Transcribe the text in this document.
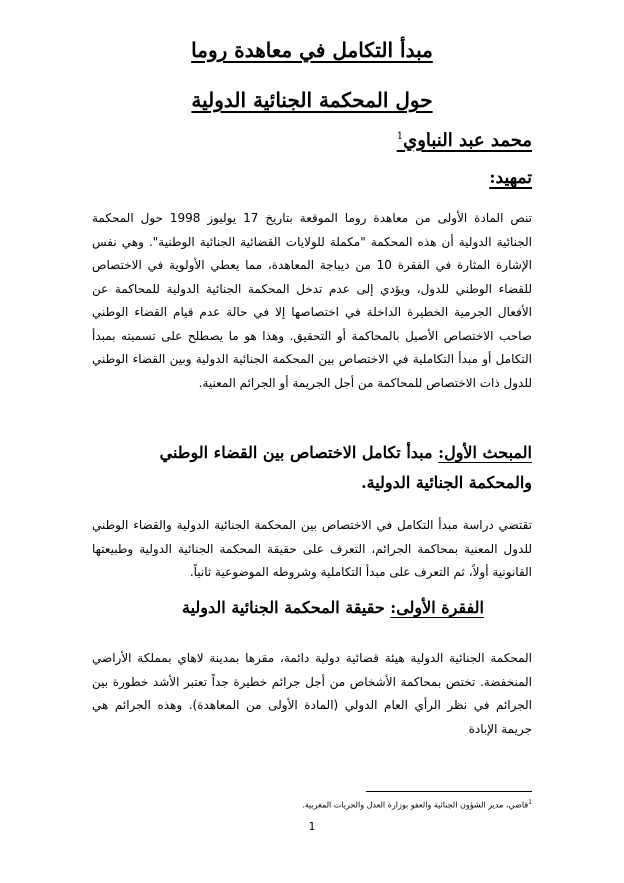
مبدأ التكامل في معاهدة روما
حول المحكمة الجنائية الدولية
محمد عبد النباوي$^1$
تمهيد:
تنص المادة الأولى من معاهدة روما الموقعة بتاريخ 17 يوليوز 1998 حول المحكمة الجنائية الدولية أن هذه المحكمة "مكملة للولايات القضائية الجنائية الوطنية". وهي نفس الإشارة المثارة في الفقرة 10 من ديباجة المعاهدة، مما يعطي الأولوية في الاختصاص للقضاء الوطني للدول، ويؤدي إلى عدم تدخل المحكمة الجنائية الدولية للمحاكمة عن الأفعال الجرمية الخطيرة الداخلة في اختصاصها إلا في حالة عدم قيام القضاء الوطني صاحب الاختصاص الأصيل بالمحاكمة أو التحقيق. وهذا هو ما يصطلح على تسميته بمبدأ التكامل أو مبدأ التكاملية في الاختصاص بين المحكمة الجنائية الدولية وبين القضاء الوطني للدول ذات الاختصاص للمحاكمة من أجل الجريمة أو الجرائم المعنية.
المبحث الأول: مبدأ تكامل الاختصاص بين القضاء الوطني والمحكمة الجنائية الدولية.
تقتضي دراسة مبدأ التكامل في الاختصاص بين المحكمة الجنائية الدولية والقضاء الوطني للدول المعنية بمحاكمة الجرائم، التعرف على حقيقة المحكمة الجنائية الدولية وطبيعتها القانونية أولاً، ثم التعرف على مبدأ التكاملية وشروطه الموضوعية ثانياً.
الفقرة الأولى: حقيقة المحكمة الجنائية الدولية
المحكمة الجنائية الدولية هيئة قضائية دولية دائمة، مقرها بمدينة لاهاي بمملكة الأراضي المنخفضة. تختص بمحاكمة الأشخاص من أجل جرائم خطيرة جداً تعتبر الأشد خطورة بين الجرائم في نظر الرأي العام الدولي (المادة الأولى من المعاهدة). وهذه الجرائم هي جريمة الإبادة
$^1$قاضي، مدير الشؤون الجنائية والعفو بوزارة العدل والحريات المغربية.
1
